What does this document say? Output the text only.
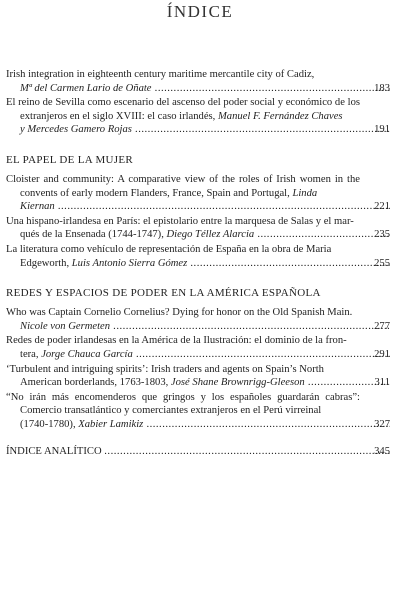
ÍNDICE
Irish integration in eighteenth century maritime mercantile city of Cadiz,
Mª del Carmen Lario de Oñate .....	183
El reino de Sevilla como escenario del ascenso del poder social y económico de los extranjeros en el siglo XVIII: el caso irlandés, Manuel F. Fernández Chaves
y Mercedes Gamero Rojas .....	191
EL PAPEL DE LA MUJER
Cloister and community: A comparative view of the roles of Irish women in the convents of early modern Flanders, France, Spain and Portugal, Linda
Kiernan .....	221
Una hispano-irlandesa en París: el epistolario entre la marquesa de Salas y el mar-
qués de la Ensenada (1744-1747), Diego Téllez Alarcia .....	235
La literatura como vehículo de representación de España en la obra de Maria
Edgeworth, Luis Antonio Sierra Gómez .....	255
REDES Y ESPACIOS DE PODER EN LA AMÉRICA ESPAÑOLA
Who was Captain Cornelio Cornelius? Dying for honor on the Old Spanish Main.
Nicole von Germeten .....	277
Redes de poder irlandesas en la América de la Ilustración: el dominio de la fron-
tera, Jorge Chauca García .....	291
‘Turbulent and intriguing spirits’: Irish traders and agents on Spain’s North
American borderlands, 1763-1803, José Shane Brownrigg-Gleeson .....	311
“No irán más encomenderos que gringos y los españoles guardarán cabras”: Comercio transatlántico y comerciantes extranjeros en el Perú virreinal
(1740-1780), Xabier Lamikiz .....	327
ÍNDICE ANALÍTICO .....	345
